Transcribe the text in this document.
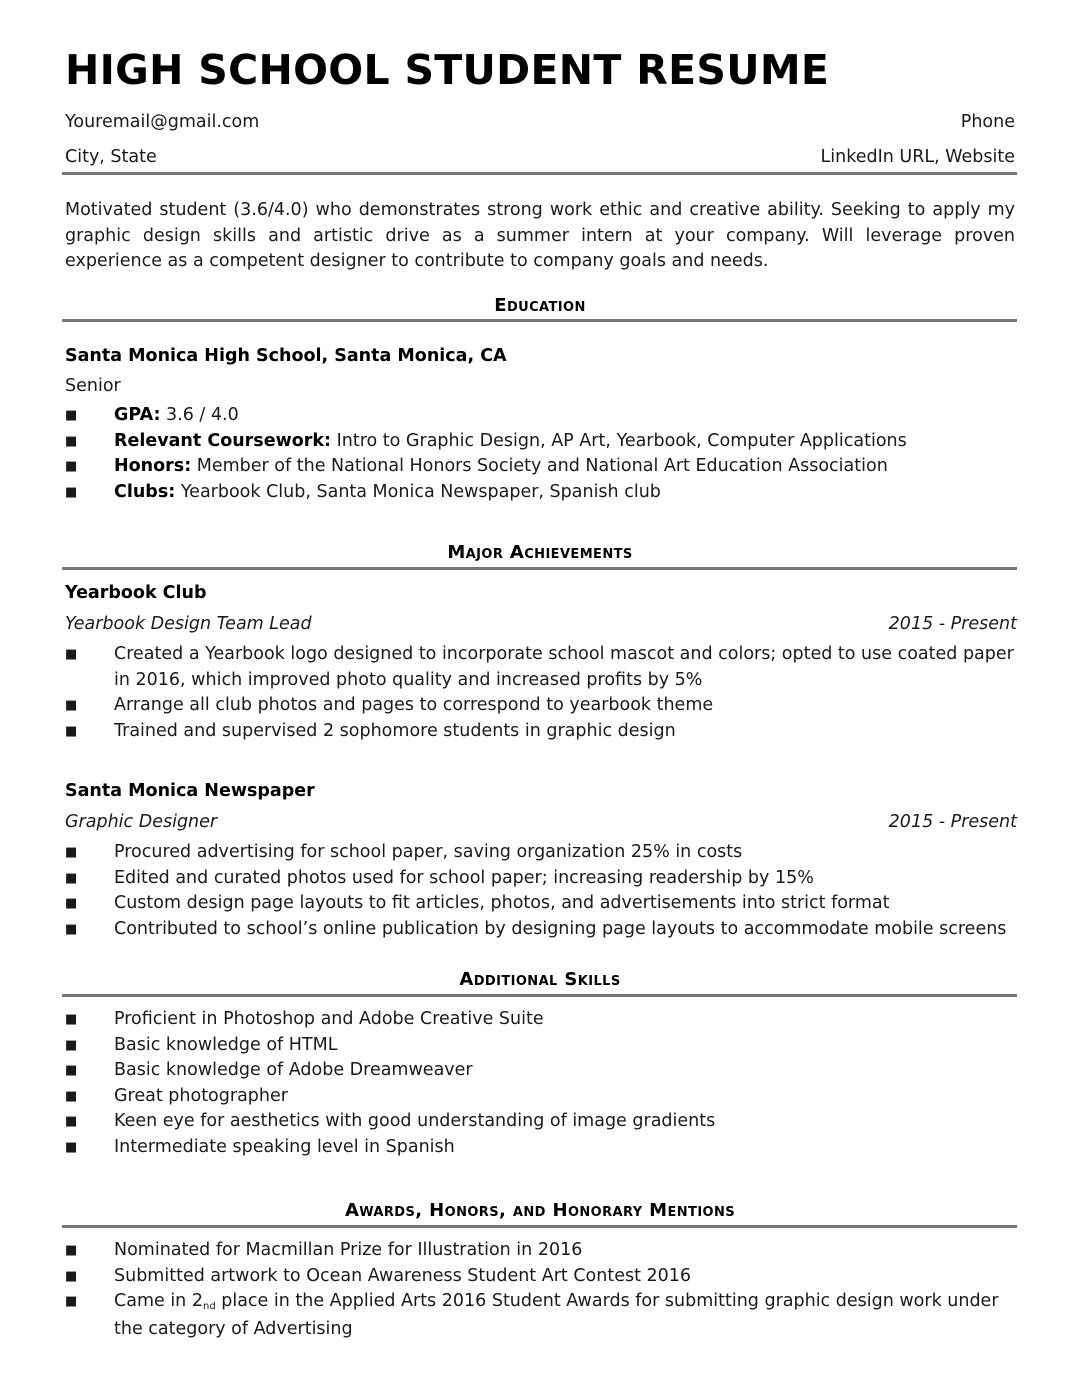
HIGH SCHOOL STUDENT RESUME
Youremail@gmail.com	Phone
City, State	LinkedIn URL, Website
Motivated student (3.6/4.0) who demonstrates strong work ethic and creative ability. Seeking to apply my graphic design skills and artistic drive as a summer intern at your company. Will leverage proven experience as a competent designer to contribute to company goals and needs.
Education
Santa Monica High School, Santa Monica, CA
Senior
■ GPA: 3.6 / 4.0
■ Relevant Coursework: Intro to Graphic Design, AP Art, Yearbook, Computer Applications
■ Honors: Member of the National Honors Society and National Art Education Association
■ Clubs: Yearbook Club, Santa Monica Newspaper, Spanish club
Major Achievements
Yearbook Club
Yearbook Design Team Lead	2015 - Present
■ Created a Yearbook logo designed to incorporate school mascot and colors; opted to use coated paper in 2016, which improved photo quality and increased profits by 5%
■ Arrange all club photos and pages to correspond to yearbook theme
■ Trained and supervised 2 sophomore students in graphic design
Santa Monica Newspaper
Graphic Designer	2015 - Present
■ Procured advertising for school paper, saving organization 25% in costs
■ Edited and curated photos used for school paper; increasing readership by 15%
■ Custom design page layouts to fit articles, photos, and advertisements into strict format
■ Contributed to school’s online publication by designing page layouts to accommodate mobile screens
Additional Skills
■ Proficient in Photoshop and Adobe Creative Suite
■ Basic knowledge of HTML
■ Basic knowledge of Adobe Dreamweaver
■ Great photographer
■ Keen eye for aesthetics with good understanding of image gradients
■ Intermediate speaking level in Spanish
Awards, Honors, and Honorary Mentions
■ Nominated for Macmillan Prize for Illustration in 2016
■ Submitted artwork to Ocean Awareness Student Art Contest 2016
■ Came in 2nd place in the Applied Arts 2016 Student Awards for submitting graphic design work under the category of Advertising
